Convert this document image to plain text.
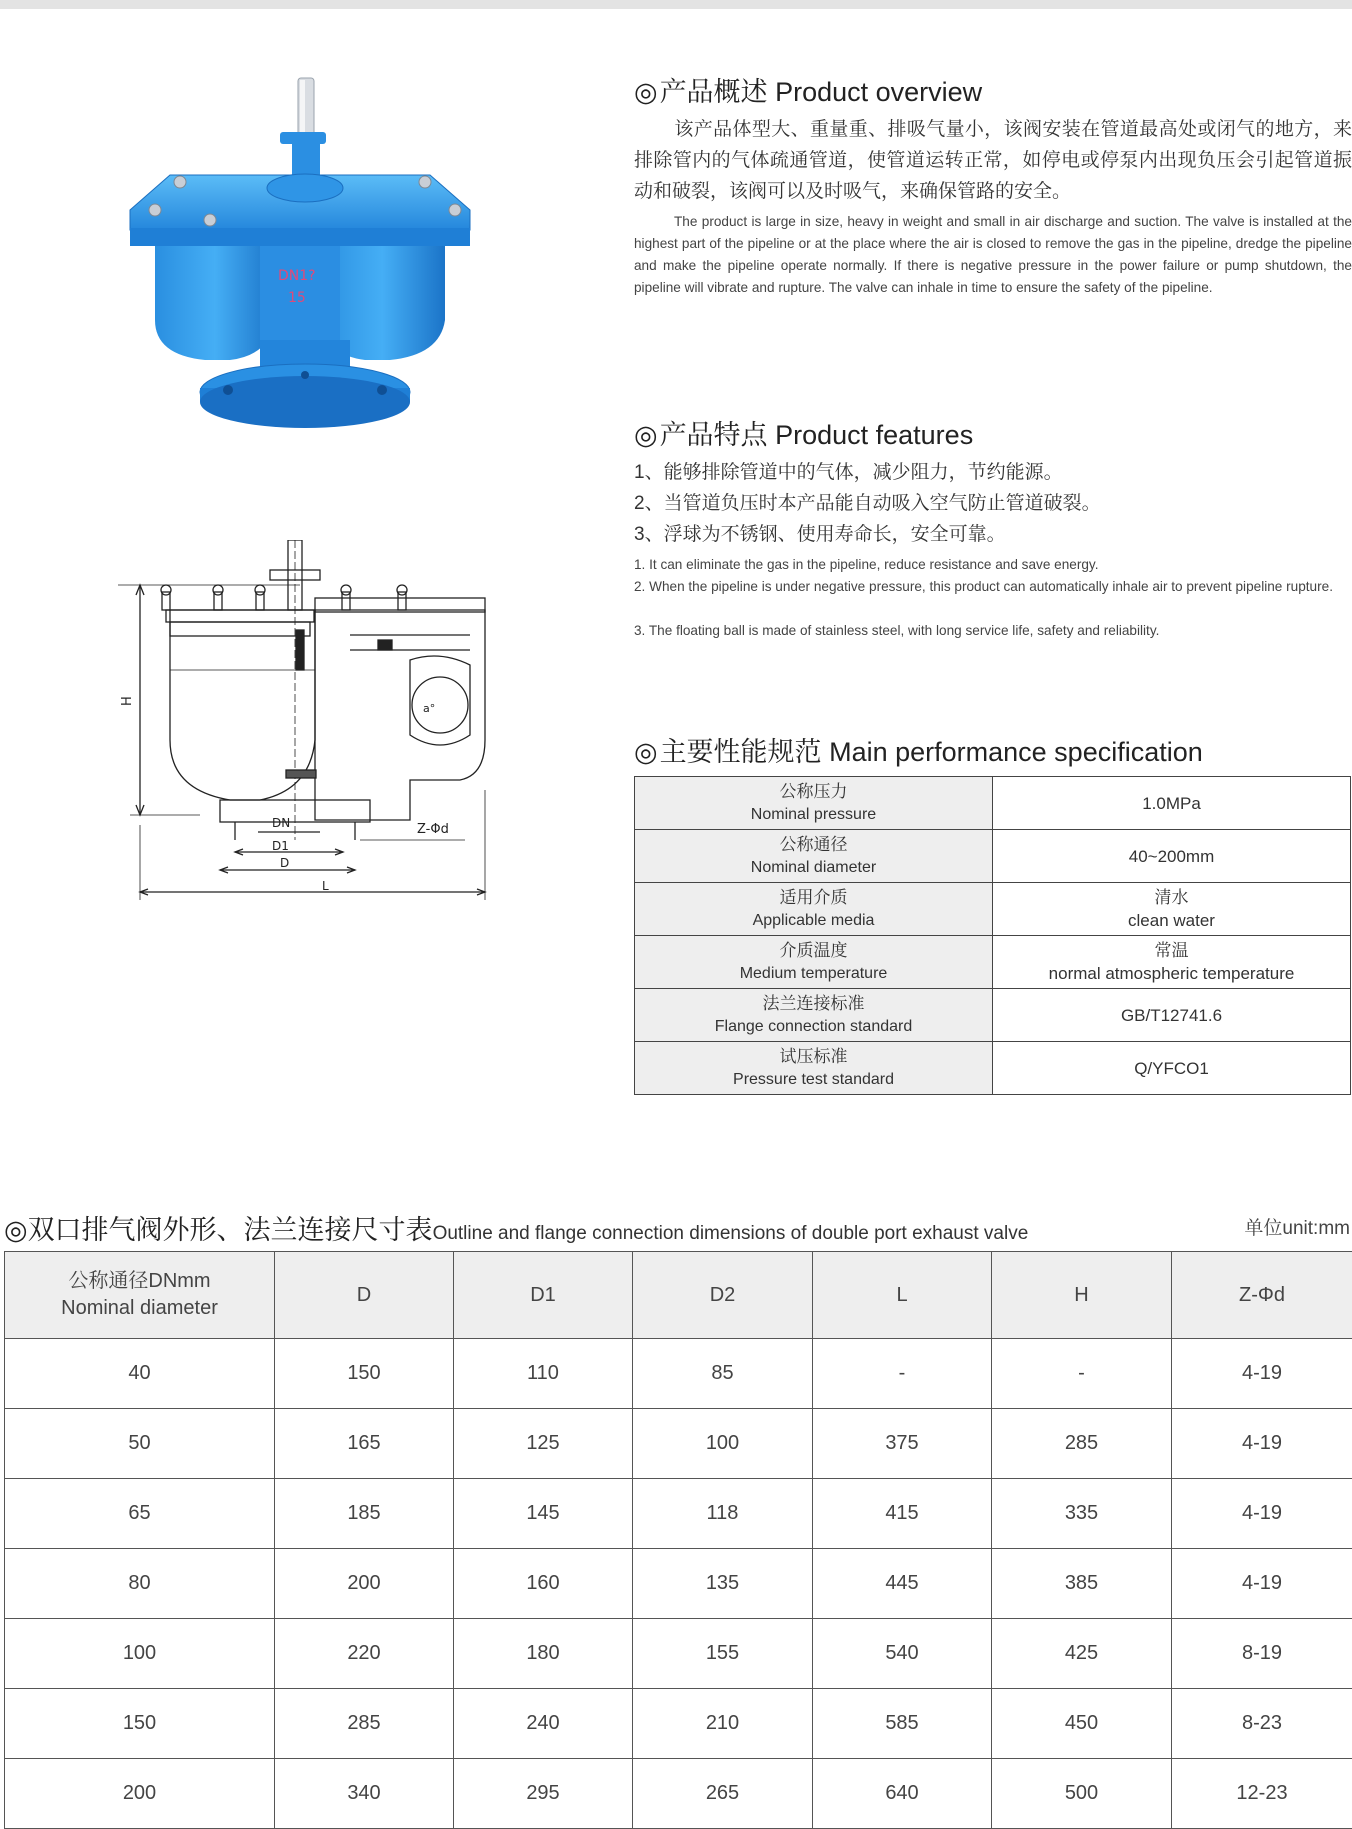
DN1?
15
H
a°
DN
D1
D
L
Z-Φd
◎产品概述 Product overview
该产品体型大、重量重、排吸气量小，该阀安装在管道最高处或闭气的地方，来排除管内的气体疏通管道，使管道运转正常，如停电或停泵内出现负压会引起管道振动和破裂，该阀可以及时吸气，来确保管路的安全。
The product is large in size, heavy in weight and small in air discharge and suction. The valve is installed at the highest part of the pipeline or at the place where the air is closed to remove the gas in the pipeline, dredge the pipeline and make the pipeline operate normally. If there is negative pressure in the power failure or pump shutdown, the pipeline will vibrate and rupture. The valve can inhale in time to ensure the safety of the pipeline.
◎产品特点 Product features
1、能够排除管道中的气体，减少阻力，节约能源。
2、当管道负压时本产品能自动吸入空气防止管道破裂。
3、浮球为不锈钢、使用寿命长，安全可靠。
1. It can eliminate the gas in the pipeline, reduce resistance and save energy.
2. When the pipeline is under negative pressure, this product can automatically inhale air to prevent pipeline rupture.
3. The floating ball is made of stainless steel, with long service life, safety and reliability.
◎主要性能规范 Main performance specification
公称压力
Nominal pressure	1.0MPa

公称通径
Nominal diameter	40~200mm

适用介质
Applicable media	清水
clean water

介质温度
Medium temperature	常温
normal atmospheric temperature

法兰连接标准
Flange connection standard	GB/T12741.6

试压标准
Pressure test standard	Q/YFCO1
◎双口排气阀外形、法兰连接尺寸表Outline and flange connection dimensions of double port exhaust valve	单位unit:mm
公称通径DNmm
Nominal diameter	D	D1	D2	L	H	Z-Φd
40	150	110	85	-	-	4-19
50	165	125	100	375	285	4-19
65	185	145	118	415	335	4-19
80	200	160	135	445	385	4-19
100	220	180	155	540	425	8-19
150	285	240	210	585	450	8-23
200	340	295	265	640	500	12-23
